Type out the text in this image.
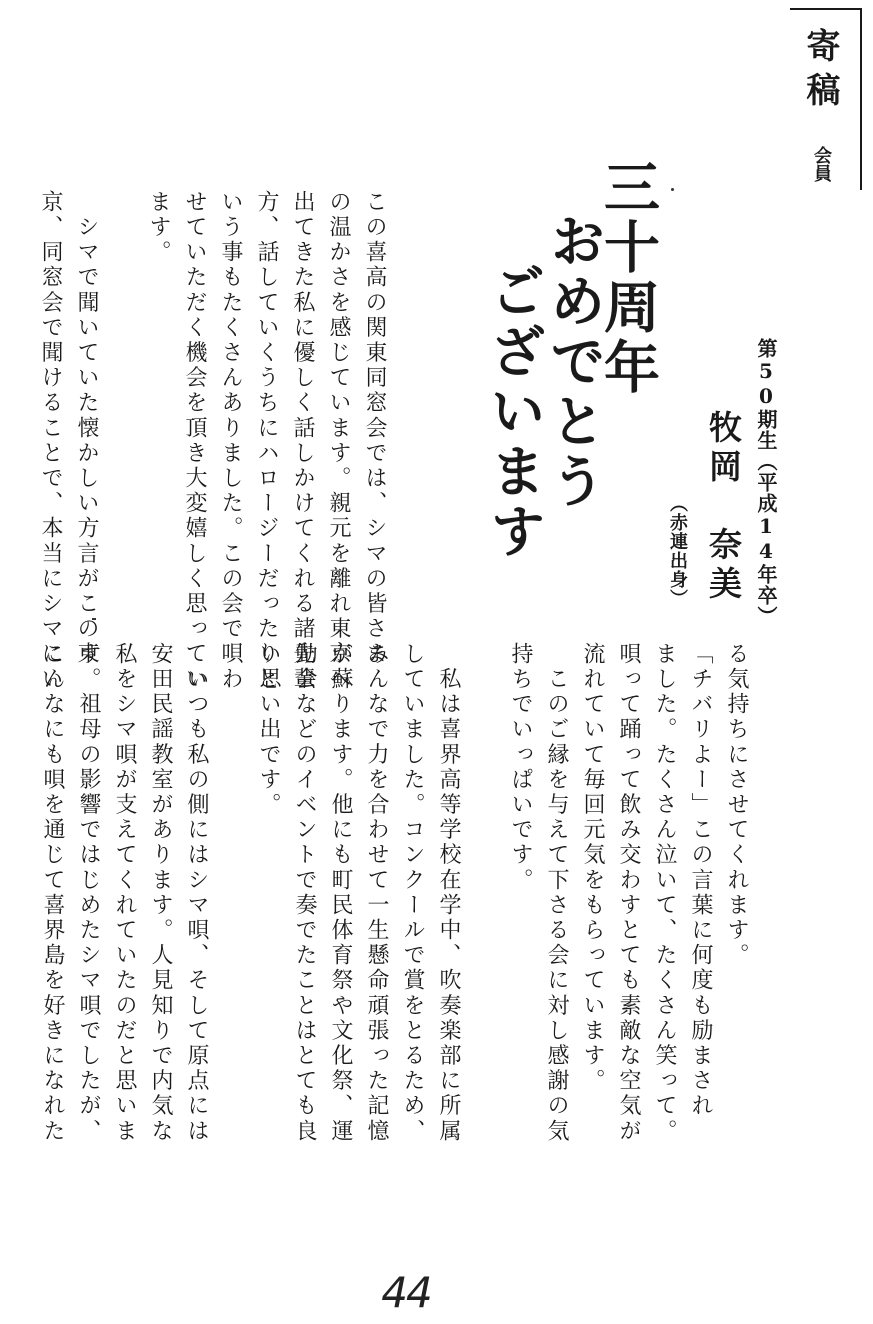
寄稿
会員
三十周年
おめでとう
ございます	第50期生（平成14年卒）
牧岡　奈美
（赤連出身）
この喜高の関東同窓会では、シマの皆さま
の温かさを感じています。親元を離れ東京へ
出てきた私に優しく話しかけてくれる諸先輩
方、話していくうちにハロージーだったりと
いう事もたくさんありました。この会で唄わ
せていただく機会を頂き大変嬉しく思ってい
ます。
　シマで聞いていた懐かしい方言がこの東
京、同窓会で聞けることで、本当にシマにい
る気持ちにさせてくれます。
「チバリよー」この言葉に何度も励まされ
ました。たくさん泣いて、たくさん笑って。
唄って踊って飲み交わすとても素敵な空気が
流れていて毎回元気をもらっています。
　このご縁を与えて下さる会に対し感謝の気
持ちでいっぱいです。
　私は喜界高等学校在学中、吹奏楽部に所属
していました。コンクールで賞をとるため、
みんなで力を合わせて一生懸命頑張った記憶
が蘇ります。他にも町民体育祭や文化祭、運
動会などのイベントで奏でたことはとても良
い思い出です。
　いつも私の側にはシマ唄、そして原点には
安田民謡教室があります。人見知りで内気な
私をシマ唄が支えてくれていたのだと思いま
す。祖母の影響ではじめたシマ唄でしたが、
こんなにも唄を通じて喜界島を好きになれた
44
